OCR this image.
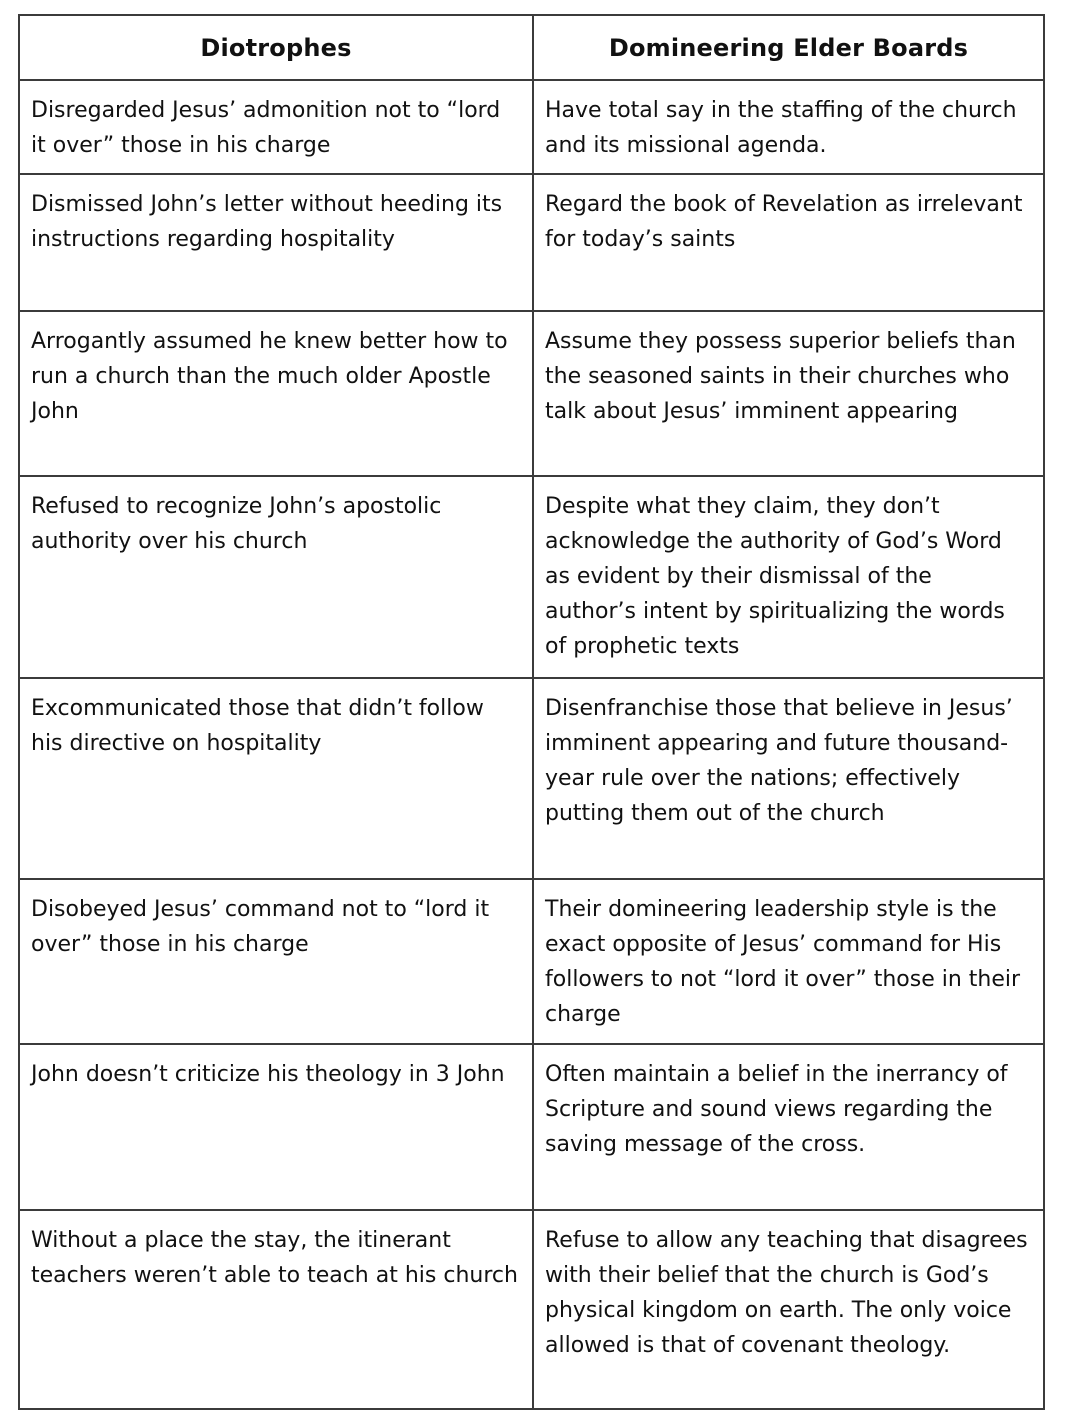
Diotrophes	Domineering Elder Boards
Disregarded Jesus’ admonition not to “lord it over” those in his charge	Have total say in the staffing of the church and its missional agenda.
Dismissed John’s letter without heeding its instructions regarding hospitality	Regard the book of Revelation as irrelevant for today’s saints
Arrogantly assumed he knew better how to run a church than the much older Apostle John	Assume they possess superior beliefs than the seasoned saints in their churches who talk about Jesus’ imminent appearing
Refused to recognize John’s apostolic authority over his church	Despite what they claim, they don’t acknowledge the authority of God’s Word as evident by their dismissal of the author’s intent by spiritualizing the words of prophetic texts
Excommunicated those that didn’t follow his directive on hospitality	Disenfranchise those that believe in Jesus’ imminent appearing and future thousand-year rule over the nations; effectively putting them out of the church
Disobeyed Jesus’ command not to “lord it over” those in his charge	Their domineering leadership style is the exact opposite of Jesus’ command for His followers to not “lord it over” those in their charge
John doesn’t criticize his theology in 3 John	Often maintain a belief in the inerrancy of Scripture and sound views regarding the saving message of the cross.
Without a place the stay, the itinerant teachers weren’t able to teach at his church	Refuse to allow any teaching that disagrees with their belief that the church is God’s physical kingdom on earth. The only voice allowed is that of covenant theology.
